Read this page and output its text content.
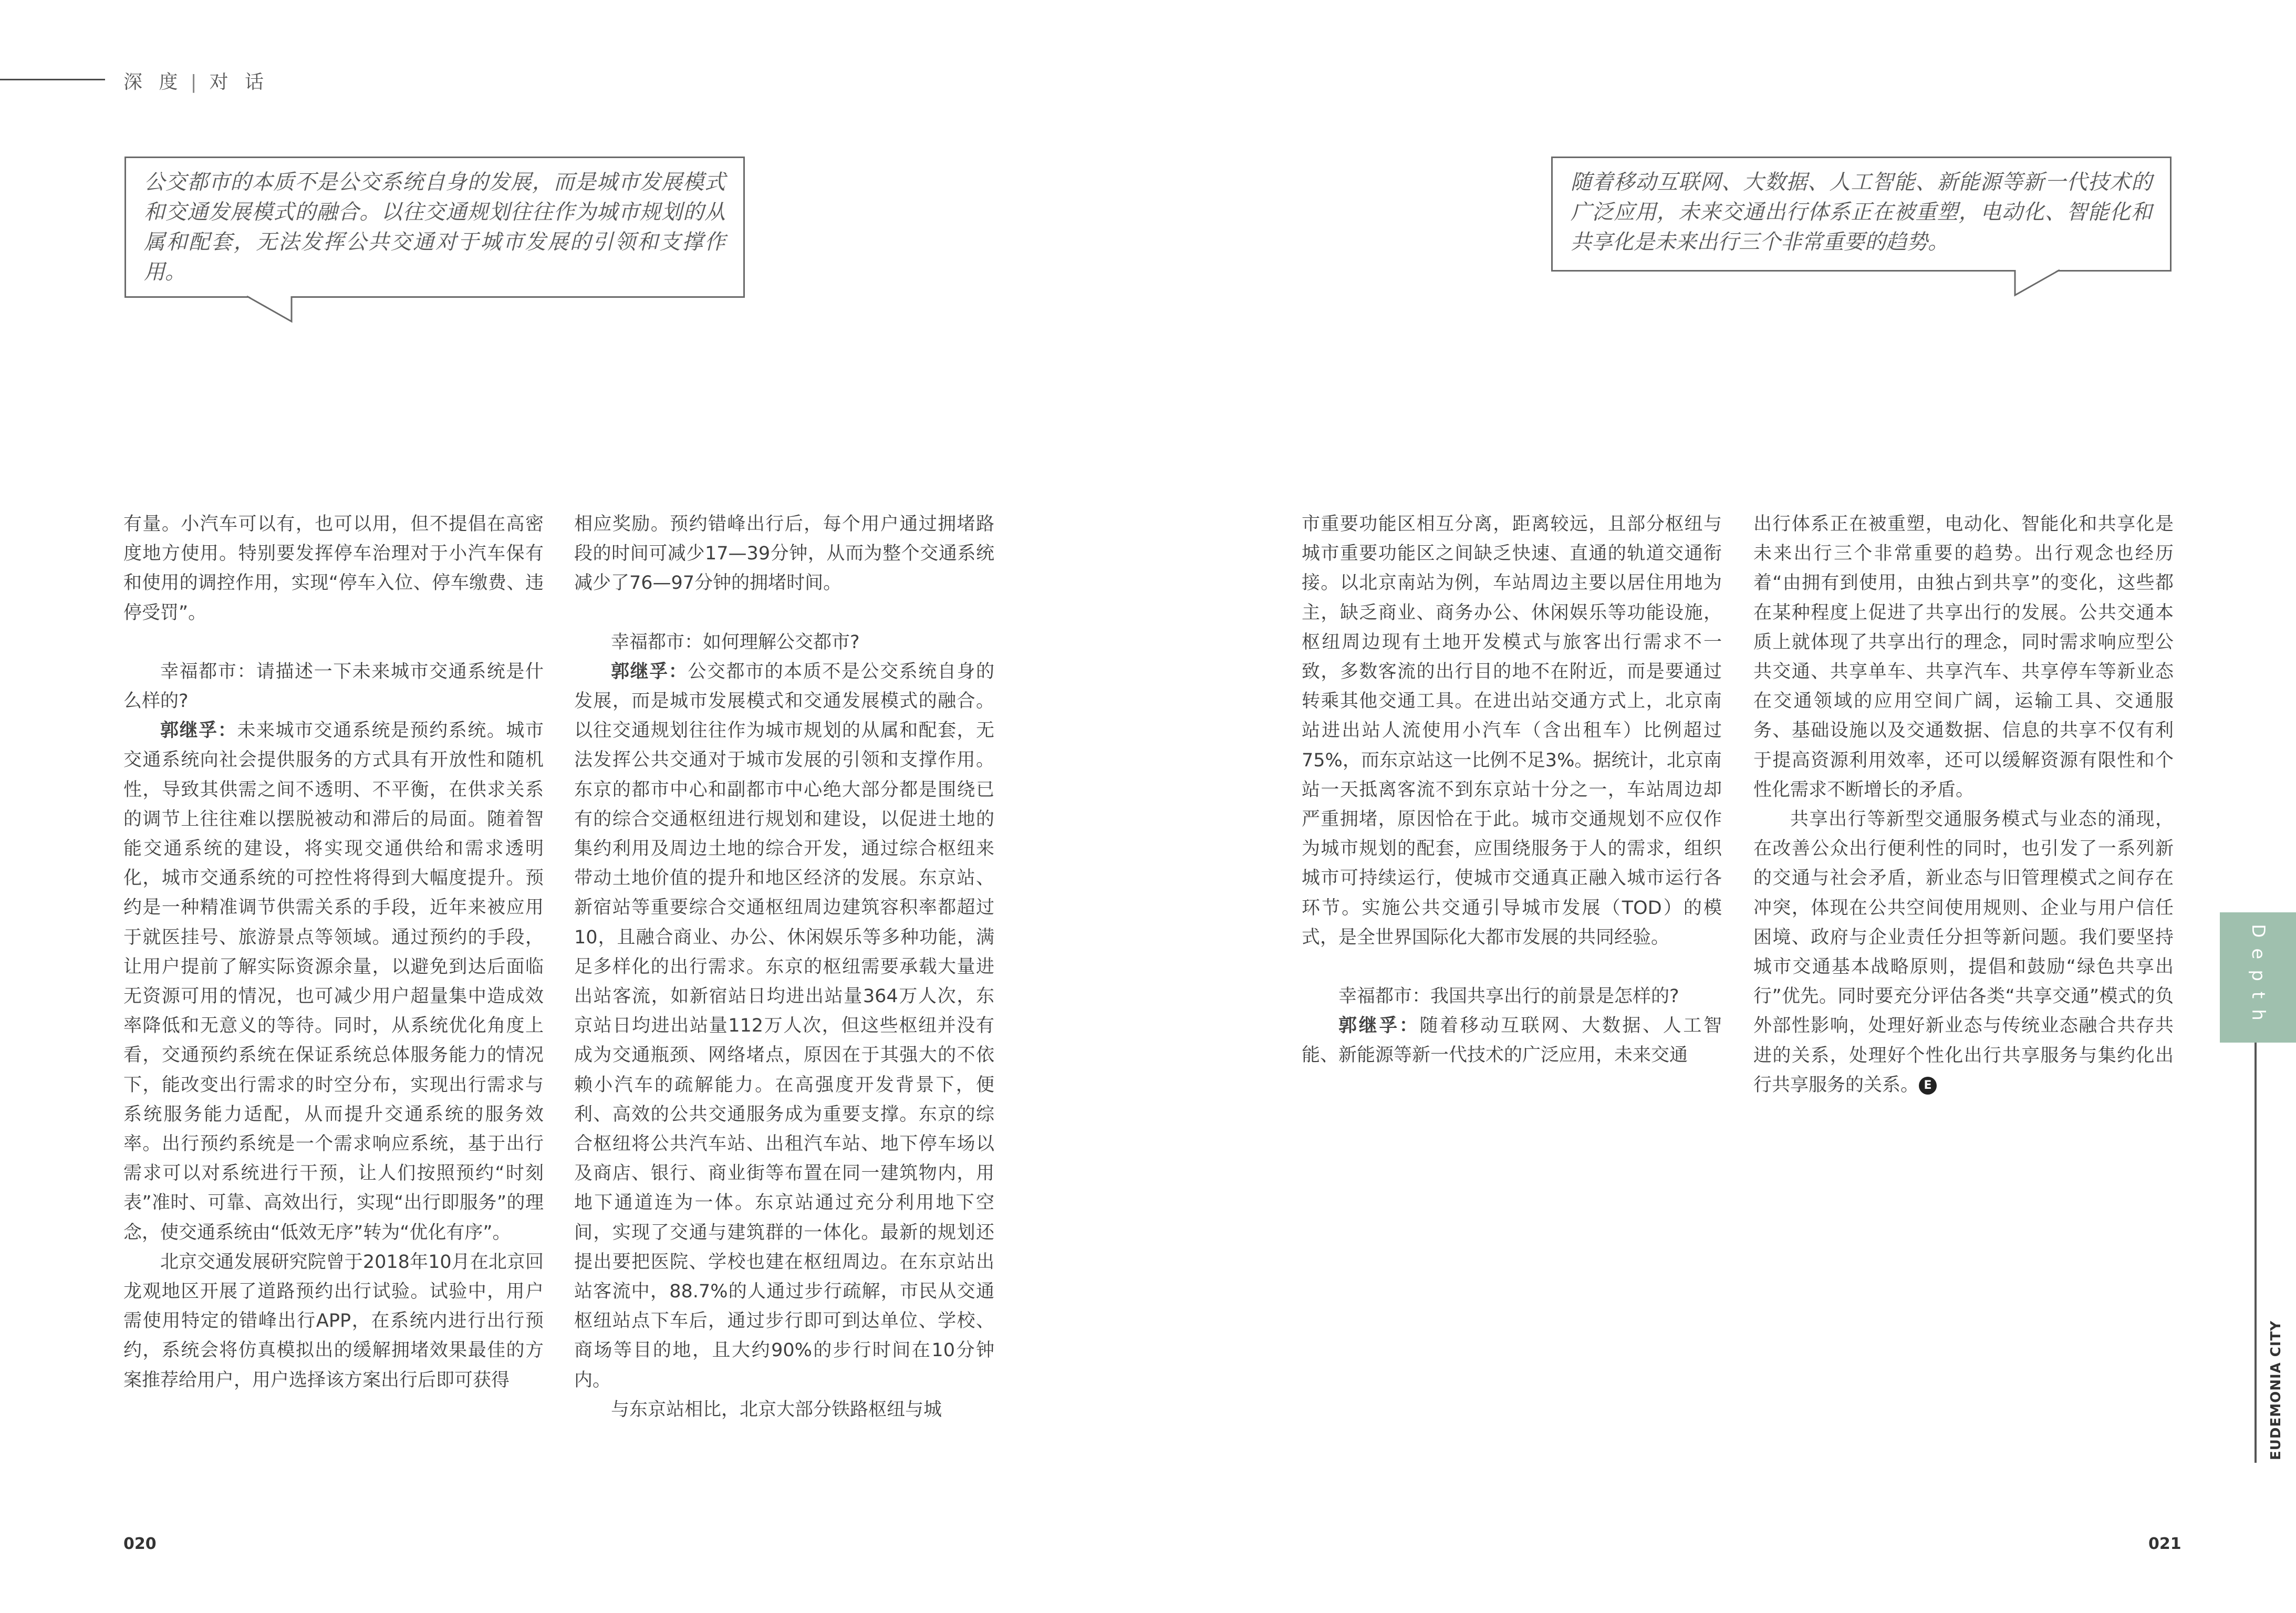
深 度 | 对 话

公交都市的本质不是公交系统自身的发展，而是城市发展模式和交通发展模式的融合。以往交通规划往往作为城市规划的从属和配套，无法发挥公共交通对于城市发展的引领和支撑作用。

随着移动互联网、大数据、人工智能、新能源等新一代技术的广泛应用，未来交通出行体系正在被重塑，电动化、智能化和共享化是未来出行三个非常重要的趋势。

有量。小汽车可以有，也可以用，但不提倡在高密度地方使用。特别要发挥停车治理对于小汽车保有和使用的调控作用，实现“停车入位、停车缴费、违停受罚”。

幸福都市：请描述一下未来城市交通系统是什么样的?

郭继孚：未来城市交通系统是预约系统。城市交通系统向社会提供服务的方式具有开放性和随机性，导致其供需之间不透明、不平衡，在供求关系的调节上往往难以摆脱被动和滞后的局面。随着智能交通系统的建设，将实现交通供给和需求透明化，城市交通系统的可控性将得到大幅度提升。预约是一种精准调节供需关系的手段，近年来被应用于就医挂号、旅游景点等领域。通过预约的手段，让用户提前了解实际资源余量，以避免到达后面临无资源可用的情况，也可减少用户超量集中造成效率降低和无意义的等待。同时，从系统优化角度上看，交通预约系统在保证系统总体服务能力的情况下，能改变出行需求的时空分布，实现出行需求与系统服务能力适配，从而提升交通系统的服务效率。出行预约系统是一个需求响应系统，基于出行需求可以对系统进行干预，让人们按照预约“时刻表”准时、可靠、高效出行，实现“出行即服务”的理念，使交通系统由“低效无序”转为“优化有序”。

北京交通发展研究院曾于2018年10月在北京回龙观地区开展了道路预约出行试验。试验中，用户需使用特定的错峰出行APP，在系统内进行出行预约，系统会将仿真模拟出的缓解拥堵效果最佳的方案推荐给用户，用户选择该方案出行后即可获得

相应奖励。预约错峰出行后，每个用户通过拥堵路段的时间可减少17—39分钟，从而为整个交通系统减少了76—97分钟的拥堵时间。

幸福都市：如何理解公交都市?

郭继孚：公交都市的本质不是公交系统自身的发展，而是城市发展模式和交通发展模式的融合。以往交通规划往往作为城市规划的从属和配套，无法发挥公共交通对于城市发展的引领和支撑作用。东京的都市中心和副都市中心绝大部分都是围绕已有的综合交通枢纽进行规划和建设，以促进土地的集约利用及周边土地的综合开发，通过综合枢纽来带动土地价值的提升和地区经济的发展。东京站、新宿站等重要综合交通枢纽周边建筑容积率都超过10，且融合商业、办公、休闲娱乐等多种功能，满足多样化的出行需求。东京的枢纽需要承载大量进出站客流，如新宿站日均进出站量364万人次，东京站日均进出站量112万人次，但这些枢纽并没有成为交通瓶颈、网络堵点，原因在于其强大的不依赖小汽车的疏解能力。在高强度开发背景下，便利、高效的公共交通服务成为重要支撑。东京的综合枢纽将公共汽车站、出租汽车站、地下停车场以及商店、银行、商业街等布置在同一建筑物内，用地下通道连为一体。东京站通过充分利用地下空间，实现了交通与建筑群的一体化。最新的规划还提出要把医院、学校也建在枢纽周边。在东京站出站客流中，88.7%的人通过步行疏解，市民从交通枢纽站点下车后，通过步行即可到达单位、学校、商场等目的地，且大约90%的步行时间在10分钟内。

与东京站相比，北京大部分铁路枢纽与城

市重要功能区相互分离，距离较远，且部分枢纽与城市重要功能区之间缺乏快速、直通的轨道交通衔接。以北京南站为例，车站周边主要以居住用地为主，缺乏商业、商务办公、休闲娱乐等功能设施，枢纽周边现有土地开发模式与旅客出行需求不一致，多数客流的出行目的地不在附近，而是要通过转乘其他交通工具。在进出站交通方式上，北京南站进出站人流使用小汽车（含出租车）比例超过75%，而东京站这一比例不足3%。据统计，北京南站一天抵离客流不到东京站十分之一，车站周边却严重拥堵，原因恰在于此。城市交通规划不应仅作为城市规划的配套，应围绕服务于人的需求，组织城市可持续运行，使城市交通真正融入城市运行各环节。实施公共交通引导城市发展（TOD）的模式，是全世界国际化大都市发展的共同经验。

幸福都市：我国共享出行的前景是怎样的?

郭继孚：随着移动互联网、大数据、人工智能、新能源等新一代技术的广泛应用，未来交通

出行体系正在被重塑，电动化、智能化和共享化是未来出行三个非常重要的趋势。出行观念也经历着“由拥有到使用，由独占到共享”的变化，这些都在某种程度上促进了共享出行的发展。公共交通本质上就体现了共享出行的理念，同时需求响应型公共交通、共享单车、共享汽车、共享停车等新业态在交通领域的应用空间广阔，运输工具、交通服务、基础设施以及交通数据、信息的共享不仅有利于提高资源利用效率，还可以缓解资源有限性和个性化需求不断增长的矛盾。

共享出行等新型交通服务模式与业态的涌现，在改善公众出行便利性的同时，也引发了一系列新的交通与社会矛盾，新业态与旧管理模式之间存在冲突，体现在公共空间使用规则、企业与用户信任困境、政府与企业责任分担等新问题。我们要坚持城市交通基本战略原则，提倡和鼓励“绿色共享出行”优先。同时要充分评估各类“共享交通”模式的负外部性影响，处理好新业态与传统业态融合共存共进的关系，处理好个性化出行共享服务与集约化出行共享服务的关系。 E

020	021
Depth
EUDEMONIA CITY
